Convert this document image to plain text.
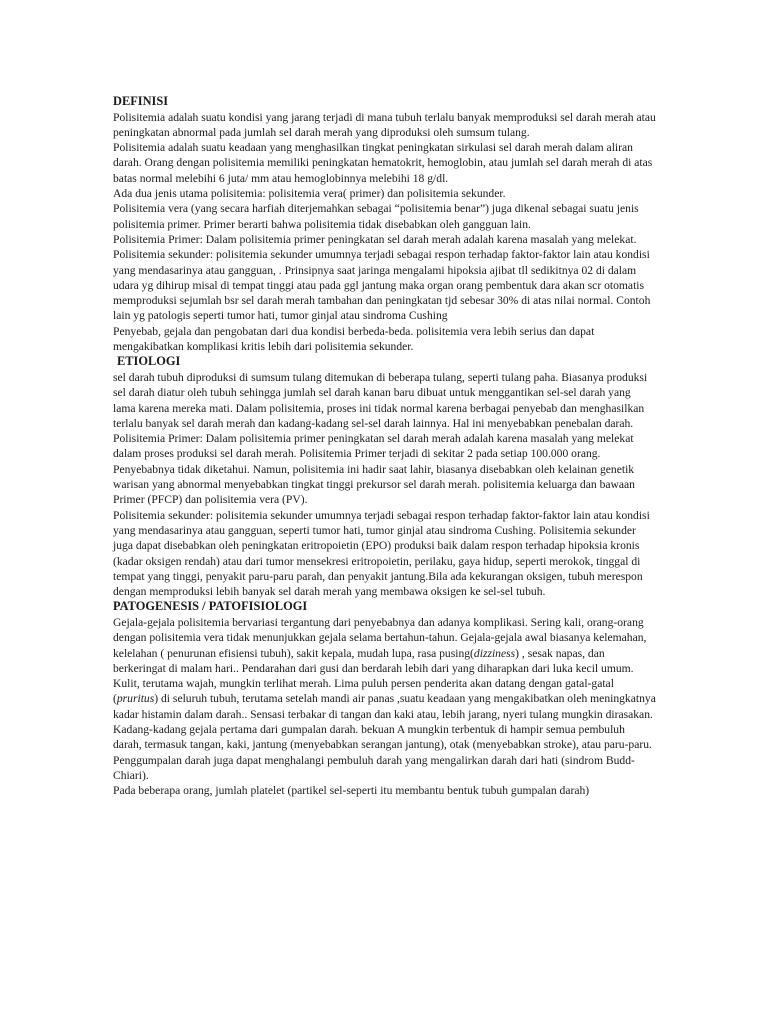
DEFINISI

Polisitemia adalah suatu kondisi yang jarang terjadi di mana tubuh terlalu banyak memproduksi sel darah merah atau peningkatan abnormal pada jumlah sel darah merah yang diproduksi oleh sumsum tulang.

Polisitemia adalah suatu keadaan yang menghasilkan tingkat peningkatan sirkulasi sel darah merah dalam aliran darah. Orang dengan polisitemia memiliki peningkatan hematokrit, hemoglobin, atau jumlah sel darah merah di atas batas normal melebihi 6 juta/ mm atau hemoglobinnya melebihi 18 g/dl.

Ada dua jenis utama polisitemia: polisitemia vera( primer) dan polisitemia sekunder.

Polisitemia vera (yang secara harfiah diterjemahkan sebagai “polisitemia benar”) juga dikenal sebagai suatu jenis polisitemia primer. Primer berarti bahwa polisitemia tidak disebabkan oleh gangguan lain.

Polisitemia Primer: Dalam polisitemia primer peningkatan sel darah merah adalah karena masalah yang melekat.

Polisitemia sekunder: polisitemia sekunder umumnya terjadi sebagai respon terhadap faktor-faktor lain atau kondisi yang mendasarinya atau gangguan, . Prinsipnya saat jaringa mengalami hipoksia ajibat tll sedikitnya 02 di dalam udara yg dihirup misal di tempat tinggi atau pada ggl jantung maka organ orang pembentuk dara akan scr otomatis memproduksi sejumlah bsr sel darah merah tambahan dan peningkatan tjd sebesar 30% di atas nilai normal. Contoh lain yg patologis seperti tumor hati, tumor ginjal atau sindroma Cushing

Penyebab, gejala dan pengobatan dari dua kondisi berbeda-beda. polisitemia vera lebih serius dan dapat mengakibatkan komplikasi kritis lebih dari polisitemia sekunder.

ETIOLOGI

sel darah tubuh diproduksi di sumsum tulang ditemukan di beberapa tulang, seperti tulang paha. Biasanya produksi sel darah diatur oleh tubuh sehingga jumlah sel darah kanan baru dibuat untuk menggantikan sel-sel darah yang lama karena mereka mati. Dalam polisitemia, proses ini tidak normal karena berbagai penyebab dan menghasilkan terlalu banyak sel darah merah dan kadang-kadang sel-sel darah lainnya. Hal ini menyebabkan penebalan darah.

Polisitemia Primer: Dalam polisitemia primer peningkatan sel darah merah adalah karena masalah yang melekat dalam proses produksi sel darah merah. Polisitemia Primer terjadi di sekitar 2 pada setiap 100.000 orang. Penyebabnya tidak diketahui. Namun, polisitemia ini hadir saat lahir, biasanya disebabkan oleh kelainan genetik warisan yang abnormal menyebabkan tingkat tinggi prekursor sel darah merah. polisitemia keluarga dan bawaan Primer (PFCP) dan polisitemia vera (PV).

Polisitemia sekunder: polisitemia sekunder umumnya terjadi sebagai respon terhadap faktor-faktor lain atau kondisi yang mendasarinya atau gangguan, seperti tumor hati, tumor ginjal atau sindroma Cushing. Polisitemia sekunder juga dapat disebabkan oleh peningkatan eritropoietin (EPO) produksi baik dalam respon terhadap hipoksia kronis (kadar oksigen rendah) atau dari tumor mensekresi eritropoietin, perilaku, gaya hidup, seperti merokok, tinggal di tempat yang tinggi, penyakit paru-paru parah, dan penyakit jantung.Bila ada kekurangan oksigen, tubuh merespon dengan memproduksi lebih banyak sel darah merah yang membawa oksigen ke sel-sel tubuh.

PATOGENESIS / PATOFISIOLOGI

Gejala-gejala polisitemia bervariasi tergantung dari penyebabnya dan adanya komplikasi. Sering kali, orang-orang dengan polisitemia vera tidak menunjukkan gejala selama bertahun-tahun. Gejala-gejala awal biasanya kelemahan, kelelahan ( penurunan efisiensi tubuh), sakit kepala, mudah lupa, rasa pusing(dizziness) , sesak napas, dan berkeringat di malam hari.. Pendarahan dari gusi dan berdarah lebih dari yang diharapkan dari luka kecil umum. Kulit, terutama wajah, mungkin terlihat merah. Lima puluh persen penderita akan datang dengan gatal-gatal (pruritus) di seluruh tubuh, terutama setelah mandi air panas ,suatu keadaan yang mengakibatkan oleh meningkatnya kadar histamin dalam darah.. Sensasi terbakar di tangan dan kaki atau, lebih jarang, nyeri tulang mungkin dirasakan.

Kadang-kadang gejala pertama dari gumpalan darah. bekuan A mungkin terbentuk di hampir semua pembuluh darah, termasuk tangan, kaki, jantung (menyebabkan serangan jantung), otak (menyebabkan stroke), atau paru-paru. Penggumpalan darah juga dapat menghalangi pembuluh darah yang mengalirkan darah dari hati (sindrom Budd-Chiari).

Pada beberapa orang, jumlah platelet (partikel sel-seperti itu membantu bentuk tubuh gumpalan darah)
